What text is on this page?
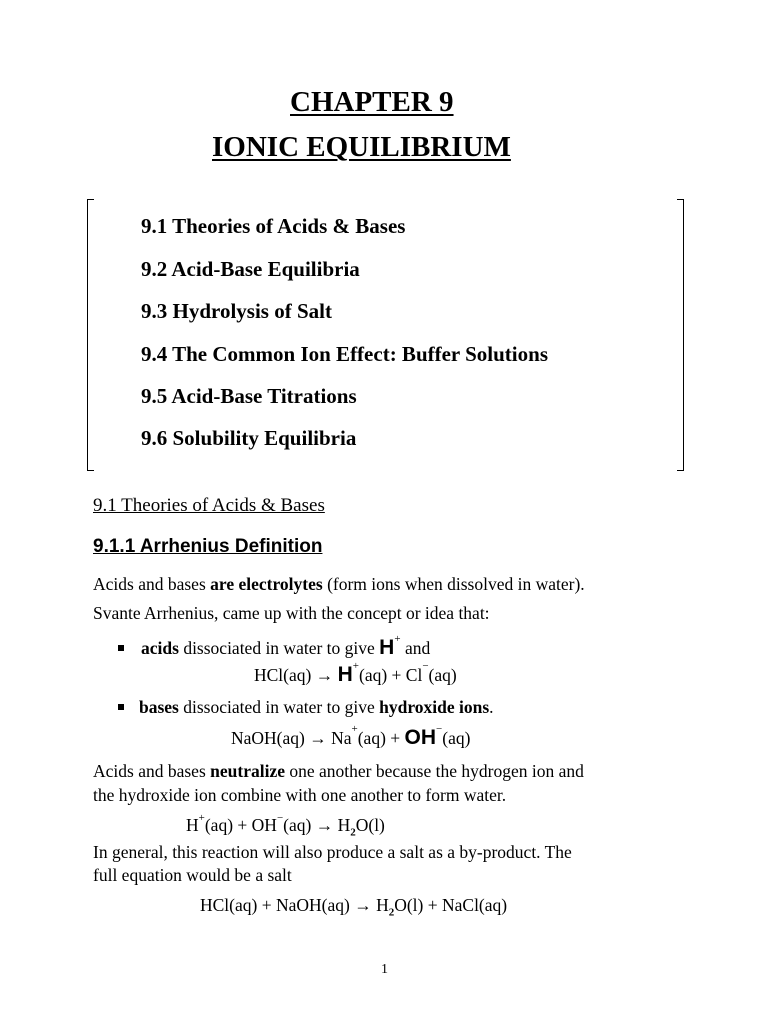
CHAPTER 9
IONIC EQUILIBRIUM
9.1 Theories of Acids & Bases
9.2 Acid-Base Equilibria
9.3 Hydrolysis of Salt
9.4 The Common Ion Effect: Buffer Solutions
9.5 Acid-Base Titrations
9.6 Solubility Equilibria
9.1 Theories of Acids & Bases
9.1.1 Arrhenius Definition
Acids and bases are electrolytes (form ions when dissolved in water).
Svante Arrhenius, came up with the concept or idea that:
acids dissociated in water to give H+ and
HCl(aq) → H+(aq) + Cl−(aq)
bases dissociated in water to give hydroxide ions.
NaOH(aq) → Na+(aq) + OH−(aq)
Acids and bases neutralize one another because the hydrogen ion and
the hydroxide ion combine with one another to form water.
$H^+(aq) + OH^-(aq) \to H_2O(l)$
In general, this reaction will also produce a salt as a by-product. The
full equation would be a salt
HCl(aq) + NaOH(aq) → $H_2O(l)$ + NaCl(aq)
1
